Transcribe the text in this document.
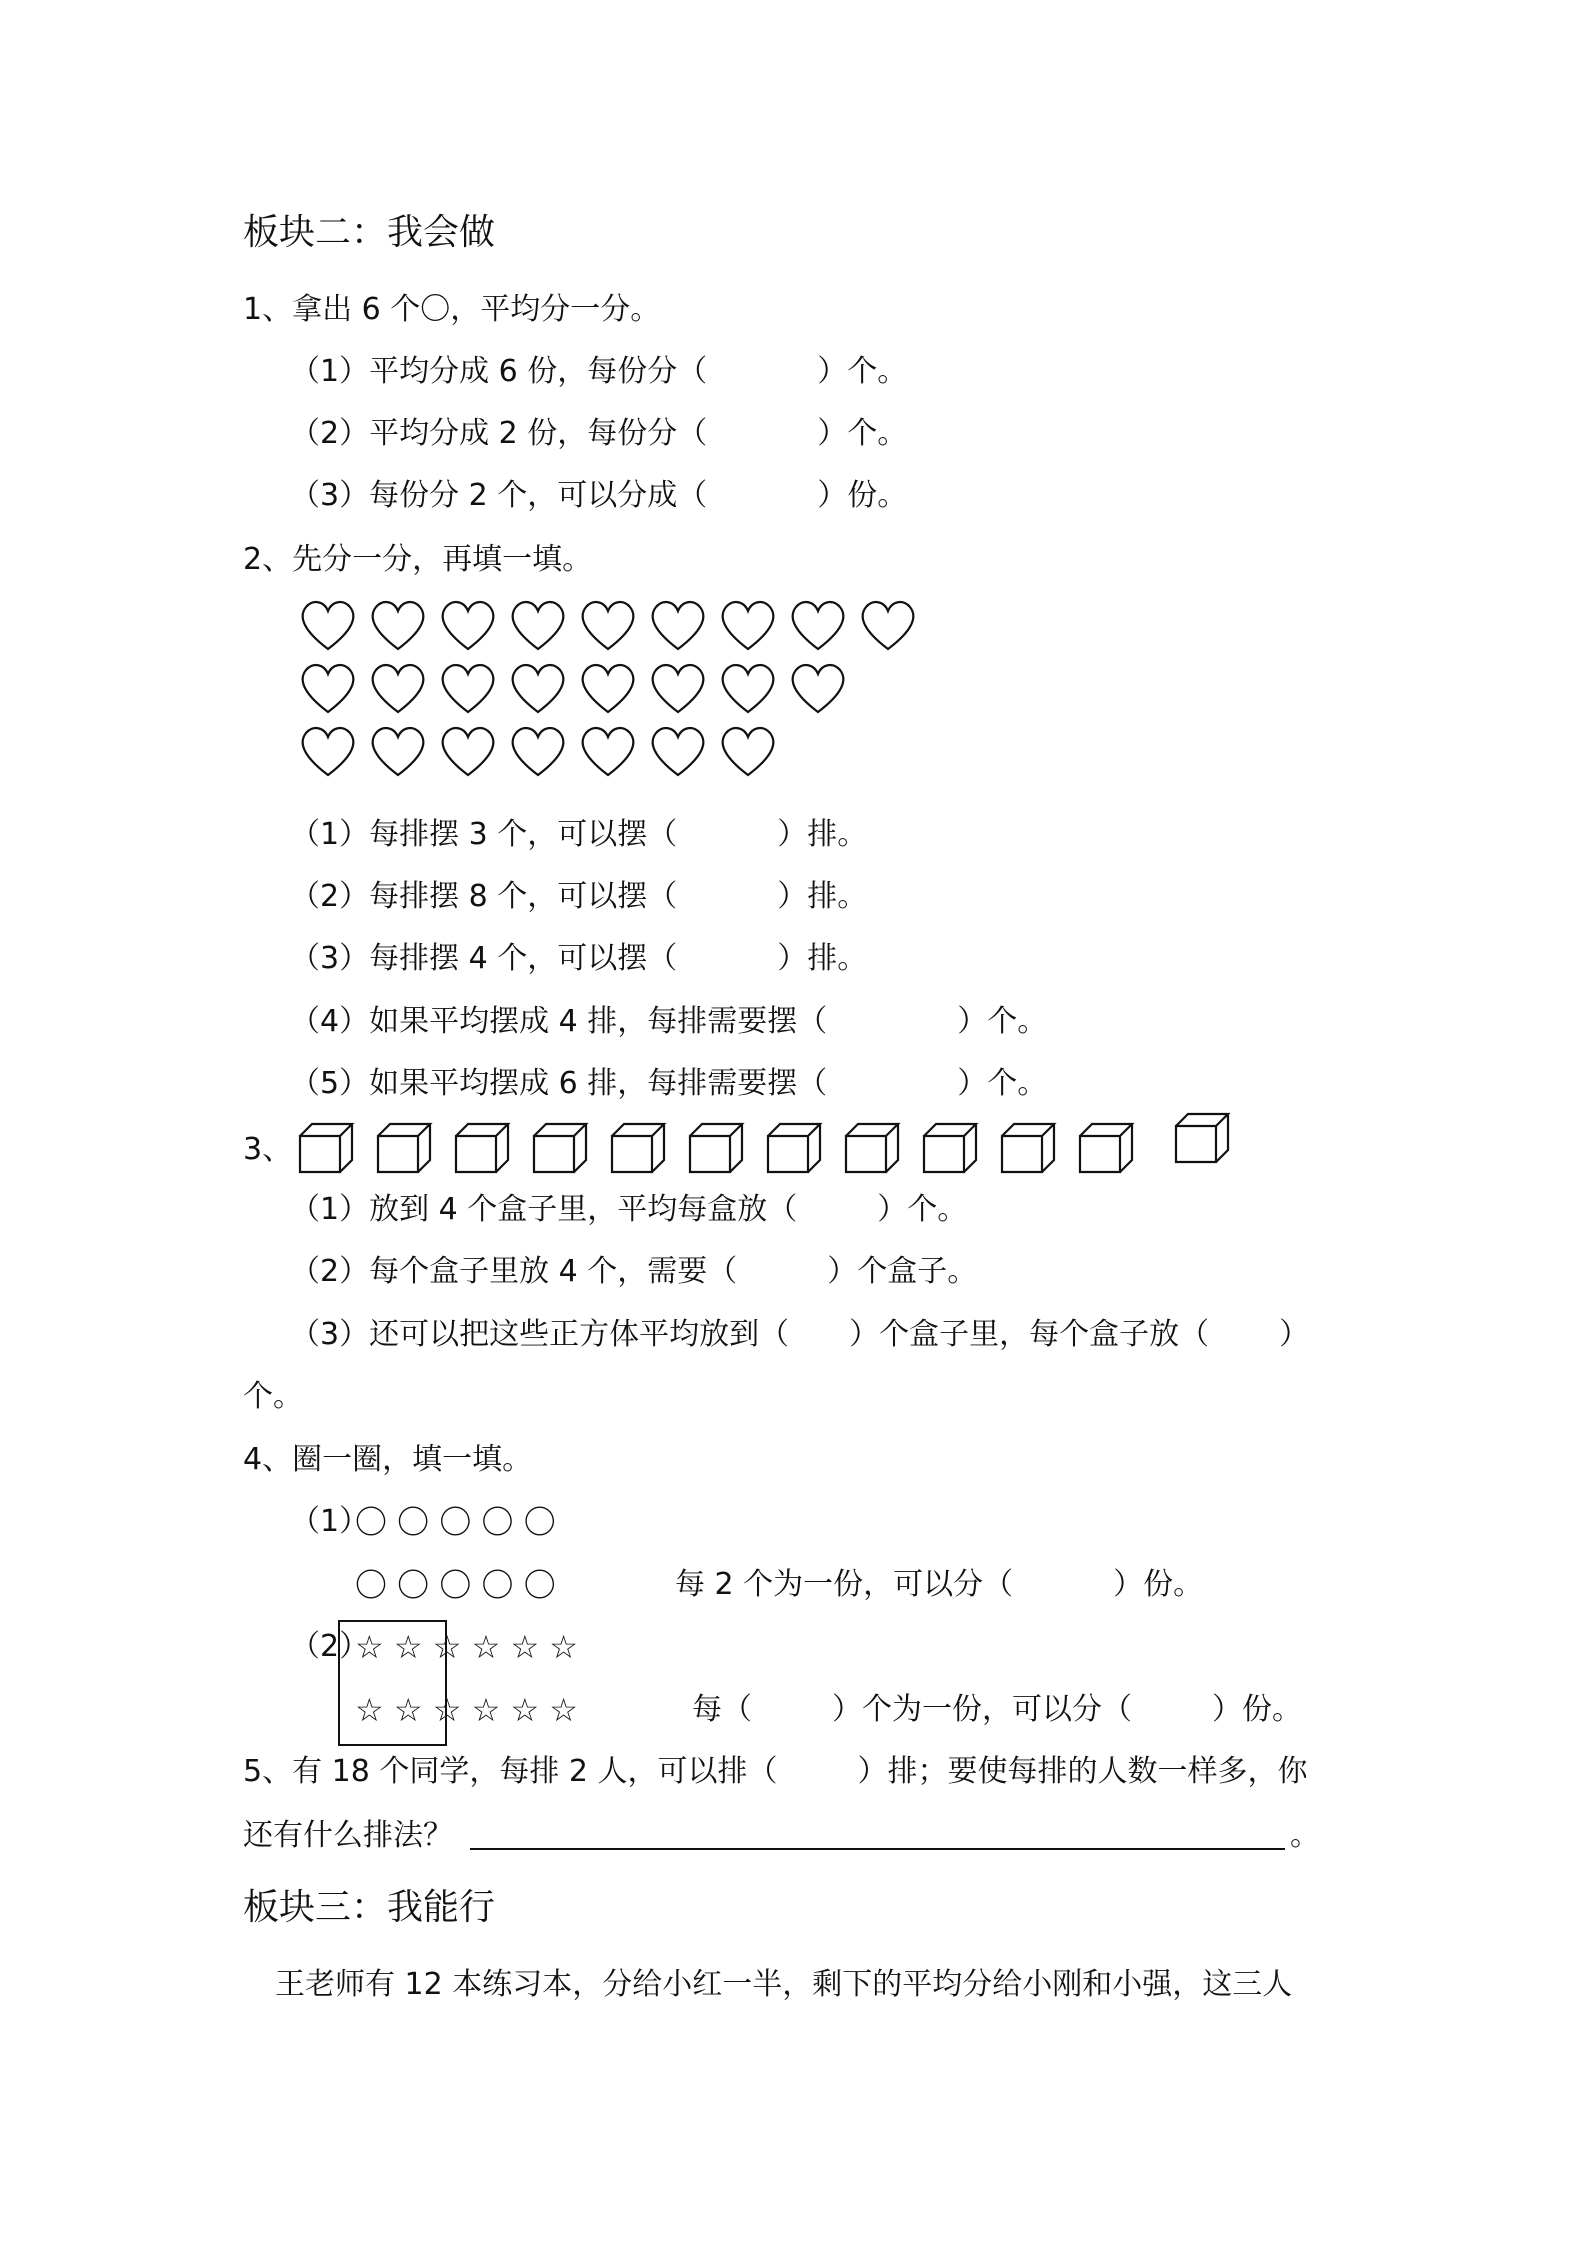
板块二：我会做
1、拿出 6 个〇，平均分一分。
（1）平均分成 6 份，每份分（	）个。
（2）平均分成 2 份，每份分（	）个。
（3）每份分 2 个，可以分成（	）份。
2、先分一分，再填一填。
（1）每排摆 3 个，可以摆（	）排。
（2）每排摆 8 个，可以摆（	）排。
（3）每排摆 4 个，可以摆（	）排。
（4）如果平均摆成 4 排，每排需要摆（	）个。
（5）如果平均摆成 6 排，每排需要摆（	）个。
3、
（1）放到 4 个盒子里，平均每盒放（	）个。
（2）每个盒子里放 4 个，需要（	）个盒子。
（3）还可以把这些正方体平均放到（ ）个盒子里，每个盒子放（ ）
个。
4、圈一圈，填一填。
（1）
〇 〇 〇 〇 〇
〇 〇 〇 〇 〇	每 2 个为一份，可以分（	）份。
（2）
☆ ☆ ☆ ☆ ☆ ☆
☆ ☆ ☆ ☆ ☆ ☆	每（	）个为一份，可以分（	）份。
5、有 18 个同学，每排 2 人，可以排（	）排；要使每排的人数一样多，你
还有什么排法？	。
板块三：我能行
王老师有 12 本练习本，分给小红一半，剩下的平均分给小刚和小强，这三人
